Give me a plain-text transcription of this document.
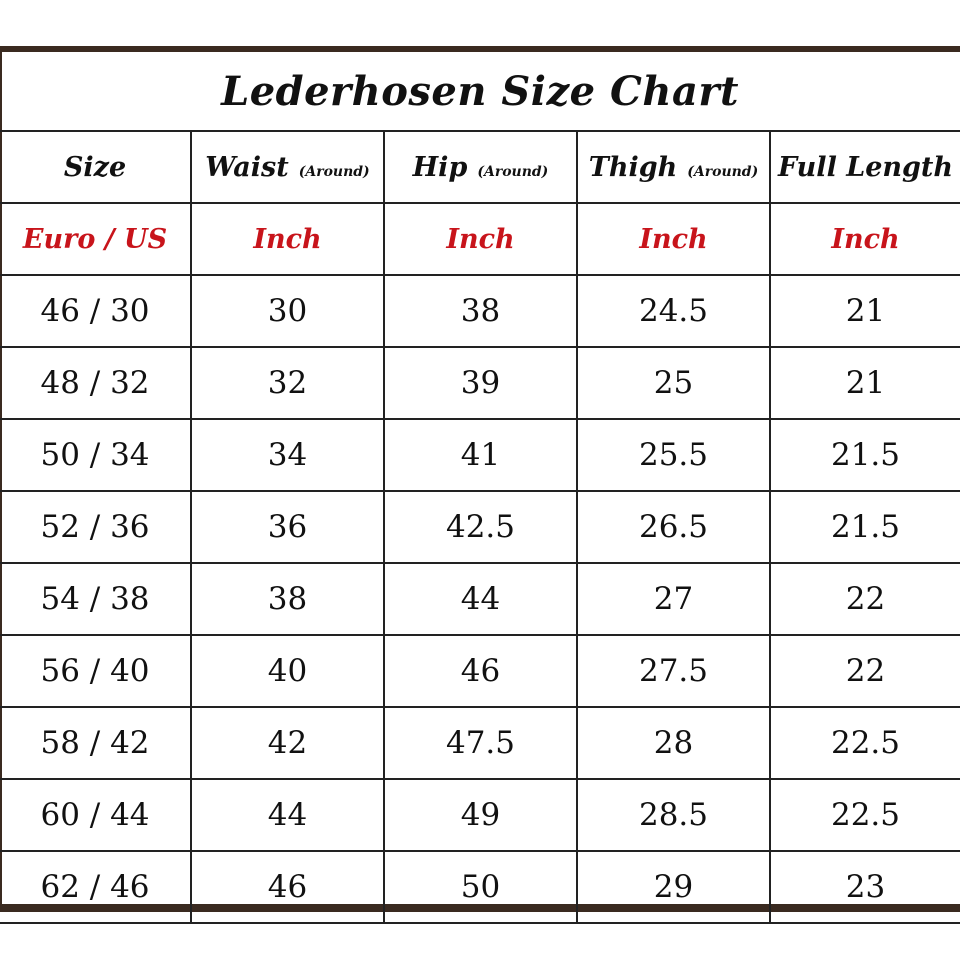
Lederhosen Size Chart
Size	Waist (Around)	Hip (Around)	Thigh (Around)	Full Length
Euro / US	Inch	Inch	Inch	Inch
46 / 30	30	38	24.5	21
48 / 32	32	39	25	21
50 / 34	34	41	25.5	21.5
52 / 36	36	42.5	26.5	21.5
54 / 38	38	44	27	22
56 / 40	40	46	27.5	22
58 / 42	42	47.5	28	22.5
60 / 44	44	49	28.5	22.5
62 / 46	46	50	29	23
